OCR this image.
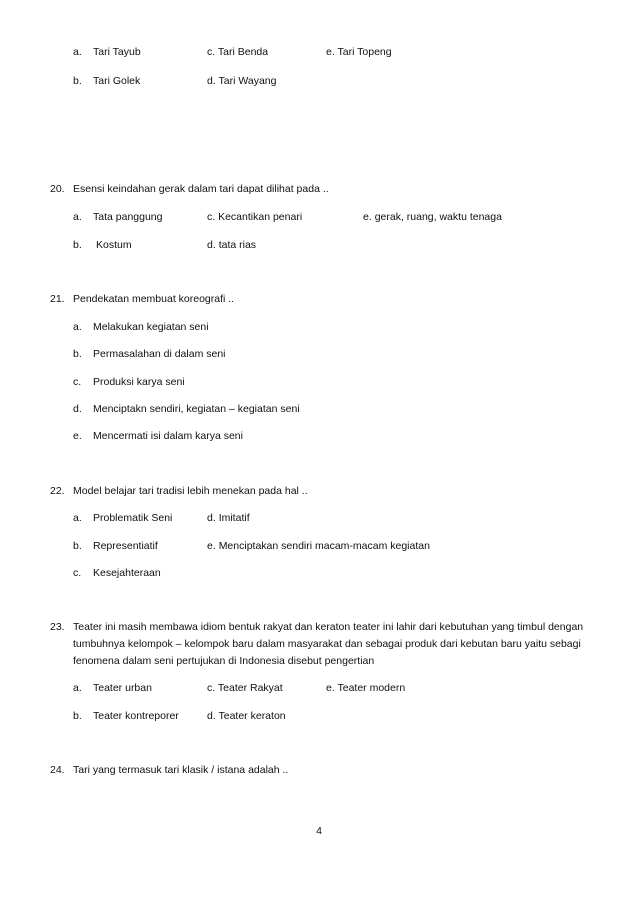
a. Tari Tayub	c. Tari Benda	e. Tari Topeng
b. Tari Golek	d. Tari Wayang
20. Esensi keindahan gerak dalam tari dapat dilihat pada ..
a. Tata panggung	c. Kecantikan penari	e. gerak, ruang, waktu tenaga
b. Kostum	d. tata rias
21. Pendekatan membuat koreografi ..
a. Melakukan kegiatan seni
b. Permasalahan di dalam seni
c. Produksi karya seni
d. Menciptakn sendiri, kegiatan – kegiatan seni
e. Mencermati isi dalam karya seni
22. Model belajar tari tradisi lebih menekan pada hal ..
a. Problematik Seni	d. Imitatif
b. Representiatif	e. Menciptakan sendiri macam-macam kegiatan
c. Kesejahteraan
23. Teater ini masih membawa idiom bentuk rakyat dan keraton teater ini lahir dari kebutuhan yang timbul dengan tumbuhnya kelompok – kelompok baru dalam masyarakat dan sebagai produk dari kebutan baru yaitu sebagi fenomena dalam seni pertujukan di Indonesia disebut pengertian
a. Teater urban	c. Teater Rakyat	e. Teater modern
b. Teater kontreporer	d. Teater keraton
24. Tari yang termasuk tari klasik / istana adalah ..
4
